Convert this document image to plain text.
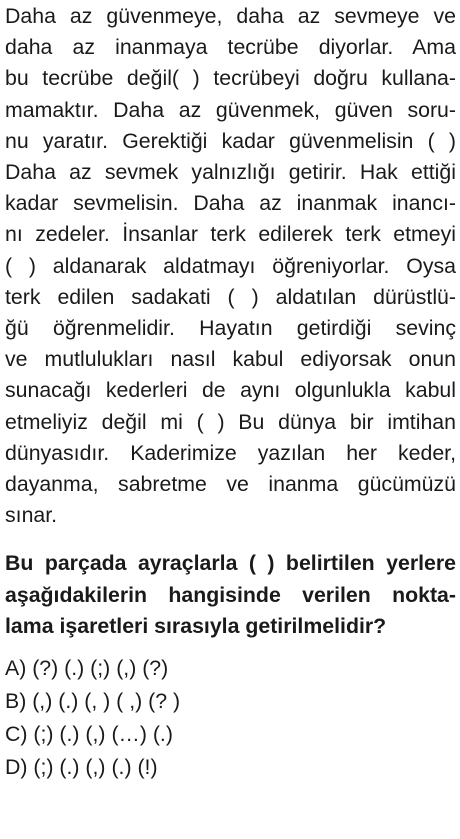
Daha az güvenmeye, daha az sevmeye ve
daha az inanmaya tecrübe diyorlar. Ama
bu tecrübe değil( ) tecrübeyi doğru kullana-
mamaktır. Daha az güvenmek, güven soru-
nu yaratır. Gerektiği kadar güvenmelisin ( )
Daha az sevmek yalnızlığı getirir. Hak ettiği
kadar sevmelisin. Daha az inanmak inancı-
nı zedeler. İnsanlar terk edilerek terk etmeyi
( ) aldanarak aldatmayı öğreniyorlar. Oysa
terk edilen sadakati ( ) aldatılan dürüstlü-
ğü öğrenmelidir. Hayatın getirdiği sevinç
ve mutlulukları nasıl kabul ediyorsak onun
sunacağı kederleri de aynı olgunlukla kabul
etmeliyiz değil mi ( ) Bu dünya bir imtihan
dünyasıdır. Kaderimize yazılan her keder,
dayanma, sabretme ve inanma gücümüzü
sınar.
Bu parçada ayraçlarla ( ) belirtilen yerlere
aşağıdakilerin hangisinde verilen nokta-
lama işaretleri sırasıyla getirilmelidir?
A) (?) (.) (;) (,) (?)
B) (,) (.) (, ) ( ,) (? )
C) (;) (.) (,) (…) (.)
D) (;) (.) (,) (.) (!)
